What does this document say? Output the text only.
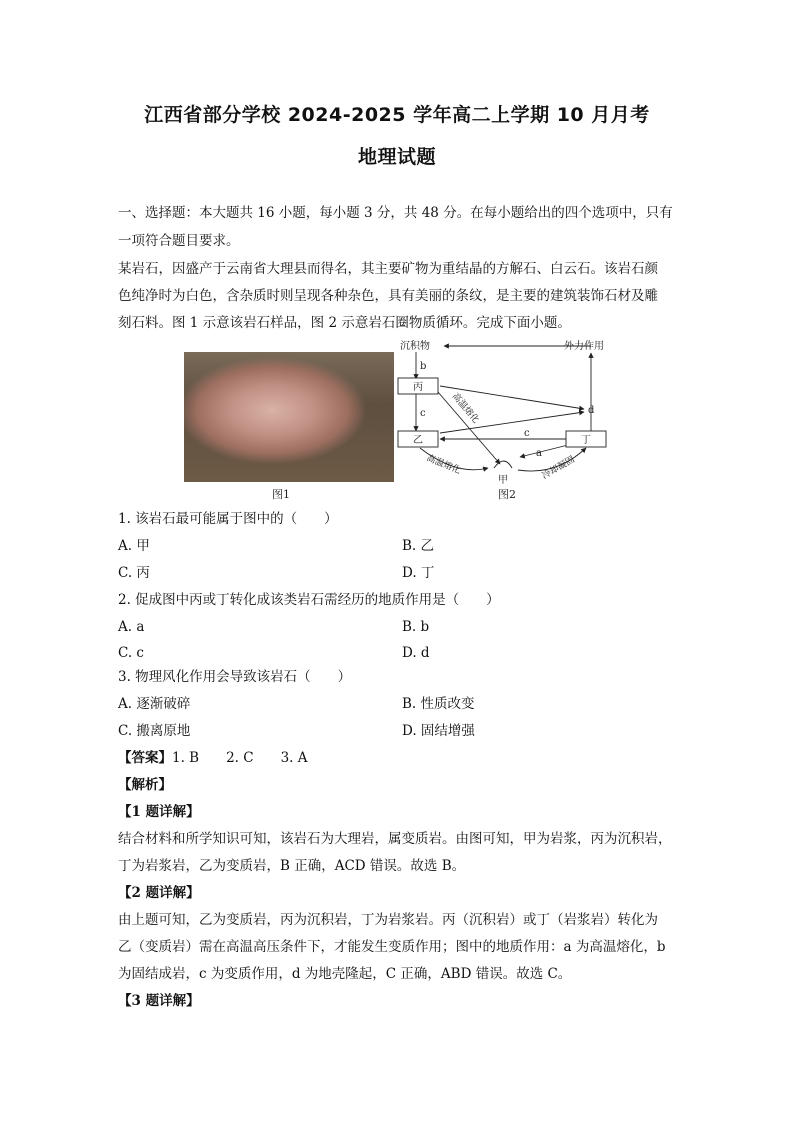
江西省部分学校 2024-2025 学年高二上学期 10 月月考
地理试题
一、选择题：本大题共 16 小题，每小题 3 分，共 48 分。在每小题给出的四个选项中，只有
一项符合题目要求。
某岩石，因盛产于云南省大理县而得名，其主要矿物为重结晶的方解石、白云石。该岩石颜
色纯净时为白色，含杂质时则呈现各种杂色，具有美丽的条纹，是主要的建筑装饰石材及雕
刻石料。图 1 示意该岩石样品，图 2 示意岩石圈物质循环。完成下面小题。
图1
沉积物	外力作用
丙
乙	丁
甲
b
c	d
c
a
高温熔化
高温熔化	冷却凝固
图2
1. 该岩石最可能属于图中的（　　）
A. 甲	B. 乙
C. 丙	D. 丁
2. 促成图中丙或丁转化成该类岩石需经历的地质作用是（　　）
A. a	B. b
C. c	D. d
3. 物理风化作用会导致该岩石（　　）
A. 逐渐破碎	B. 性质改变
C. 搬离原地	D. 固结增强
【答案】1. B　　2. C　　3. A
【解析】
【1 题详解】
结合材料和所学知识可知，该岩石为大理岩，属变质岩。由图可知，甲为岩浆，丙为沉积岩，
丁为岩浆岩，乙为变质岩，B 正确，ACD 错误。故选 B。
【2 题详解】
由上题可知，乙为变质岩，丙为沉积岩，丁为岩浆岩。丙（沉积岩）或丁（岩浆岩）转化为
乙（变质岩）需在高温高压条件下，才能发生变质作用；图中的地质作用：a 为高温熔化，b
为固结成岩，c 为变质作用，d 为地壳隆起，C 正确，ABD 错误。故选 C。
【3 题详解】
